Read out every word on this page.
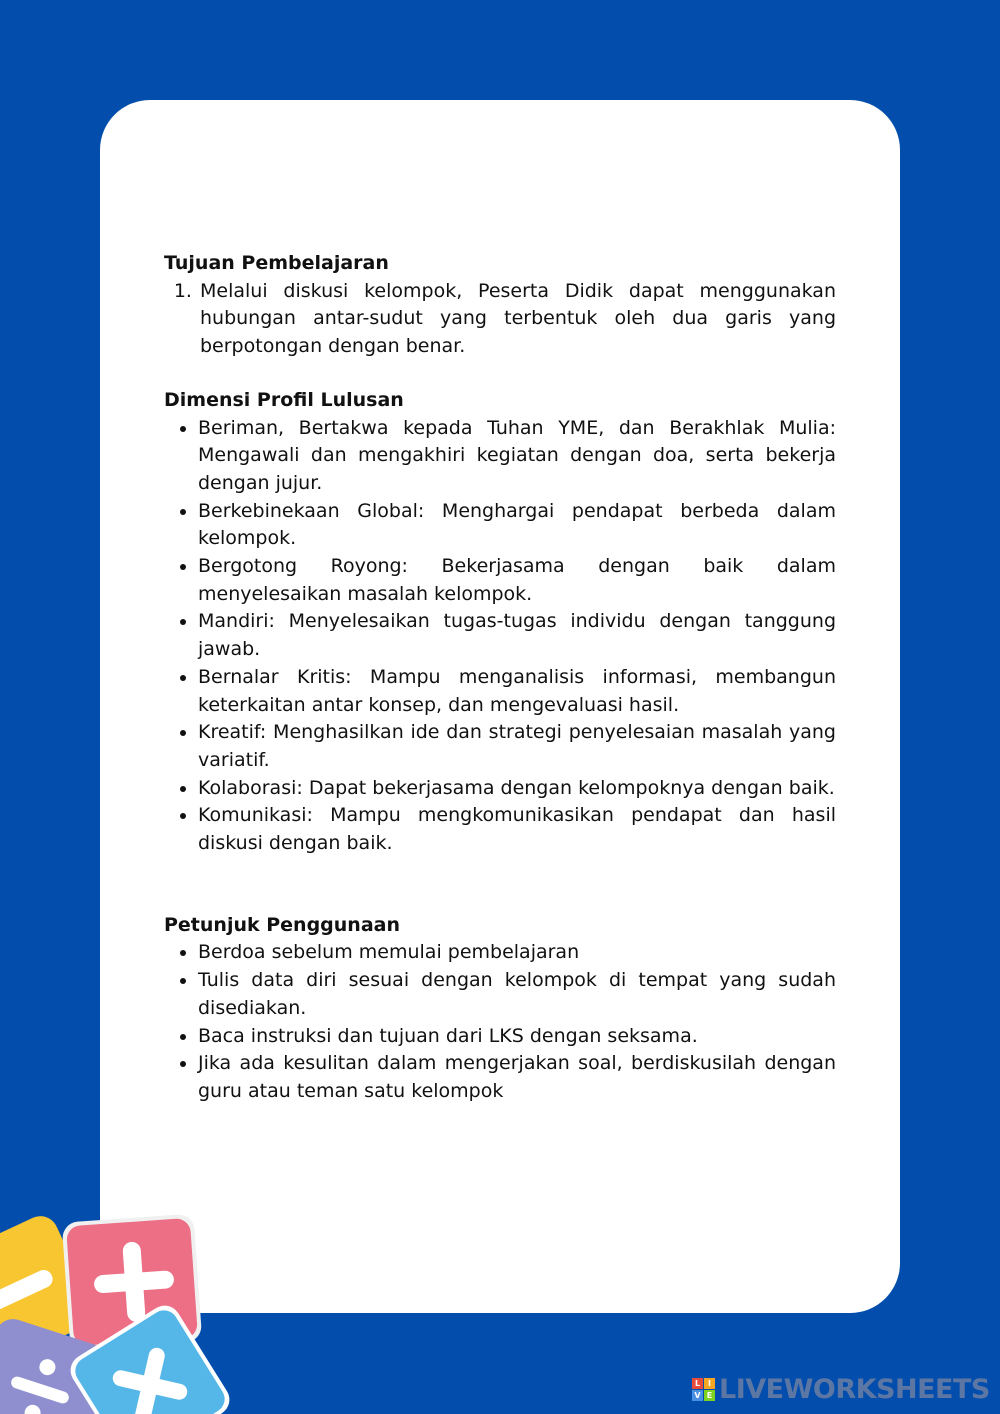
Tujuan Pembelajaran

1. Melalui diskusi kelompok, Peserta Didik dapat menggunakan hubungan antar-sudut yang terbentuk oleh dua garis yang berpotongan dengan benar.

Dimensi Profil Lulusan

• Beriman, Bertakwa kepada Tuhan YME, dan Berakhlak Mulia: Mengawali dan mengakhiri kegiatan dengan doa, serta bekerja dengan jujur.
• Berkebinekaan Global: Menghargai pendapat berbeda dalam kelompok.
• Bergotong Royong: Bekerjasama dengan baik dalam menyelesaikan masalah kelompok.
• Mandiri: Menyelesaikan tugas-tugas individu dengan tanggung jawab.
• Bernalar Kritis: Mampu menganalisis informasi, membangun keterkaitan antar konsep, dan mengevaluasi hasil.
• Kreatif: Menghasilkan ide dan strategi penyelesaian masalah yang variatif.
• Kolaborasi: Dapat bekerjasama dengan kelompoknya dengan baik.
• Komunikasi: Mampu mengkomunikasikan pendapat dan hasil diskusi dengan baik.

Petunjuk Penggunaan

• Berdoa sebelum memulai pembelajaran
• Tulis data diri sesuai dengan kelompok di tempat yang sudah disediakan.
• Baca instruksi dan tujuan dari LKS dengan seksama.
• Jika ada kesulitan dalam mengerjakan soal, berdiskusilah dengan guru atau teman satu kelompok
L I
V E LIVEWORKSHEETS
